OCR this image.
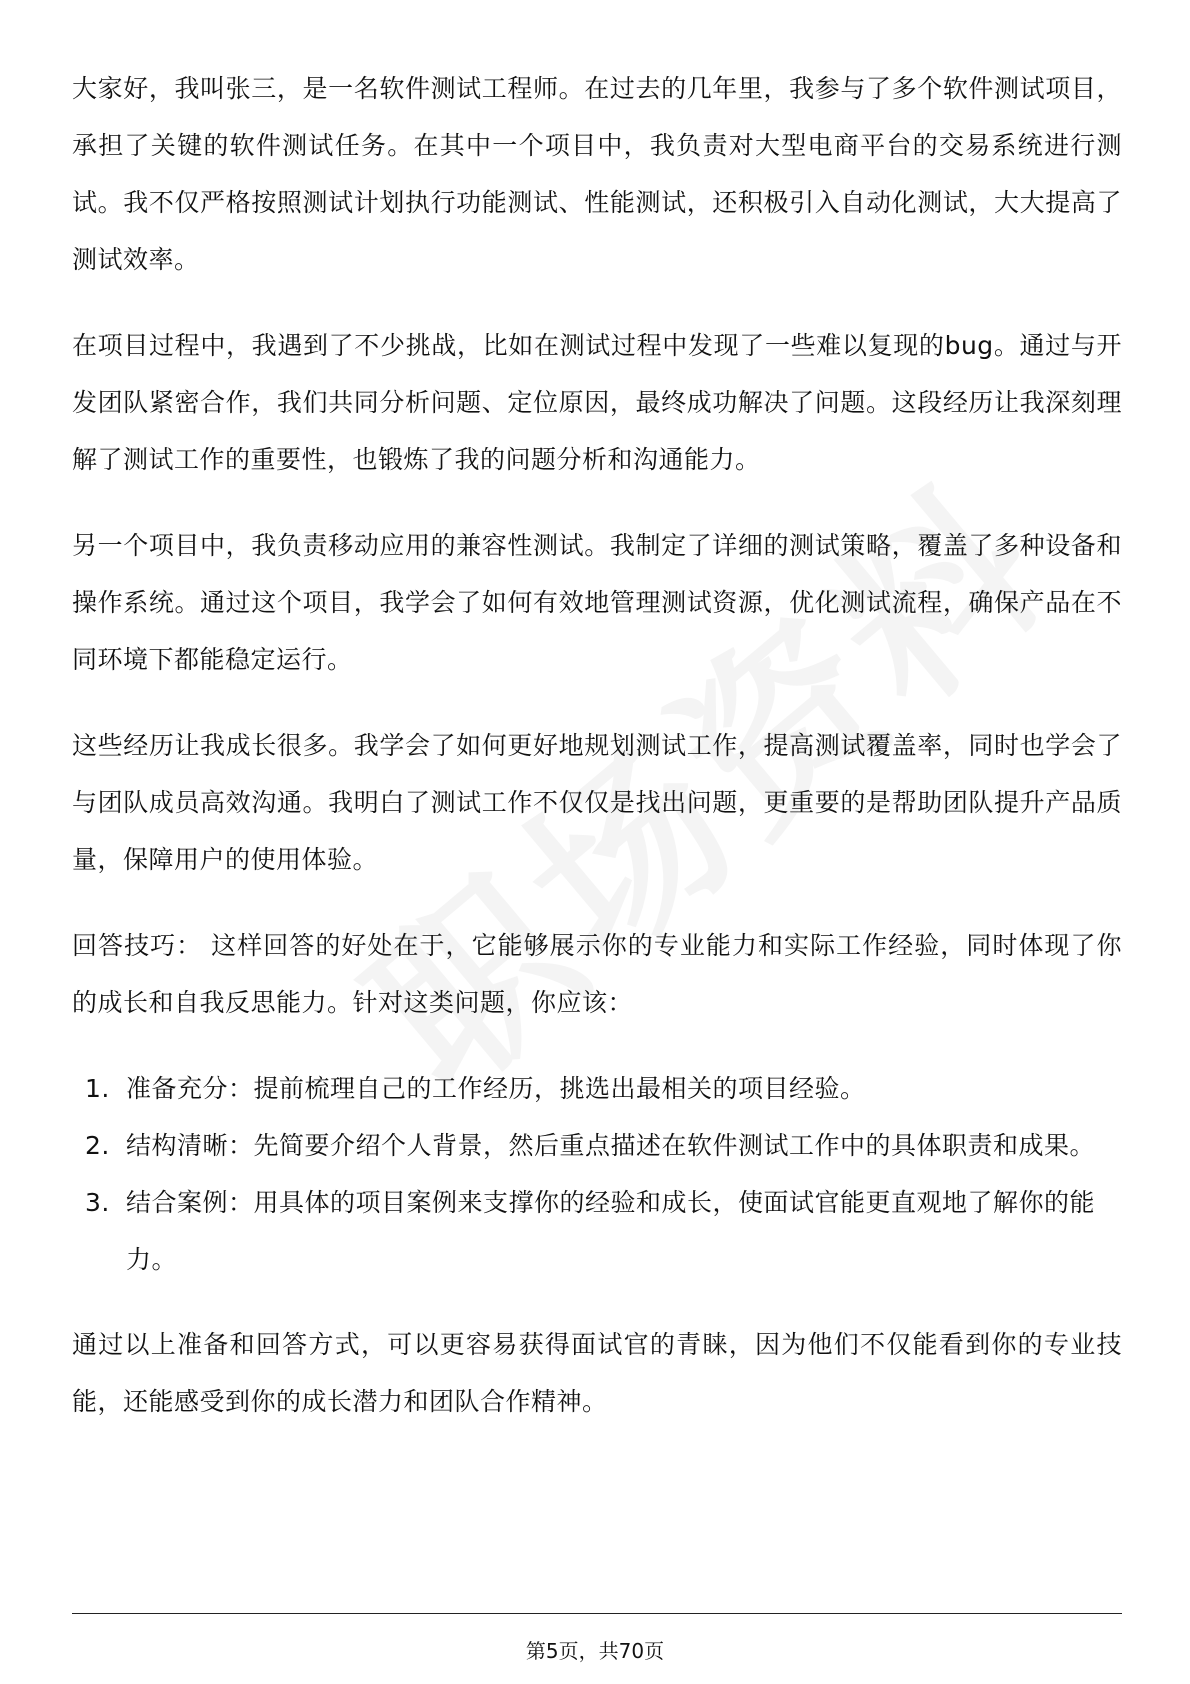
大家好，我叫张三，是一名软件测试工程师。在过去的几年里，我参与了多个软件测试项目，承担了关键的软件测试任务。在其中一个项目中，我负责对大型电商平台的交易系统进行测试。我不仅严格按照测试计划执行功能测试、性能测试，还积极引入自动化测试，大大提高了测试效率。

在项目过程中，我遇到了不少挑战，比如在测试过程中发现了一些难以复现的bug。通过与开发团队紧密合作，我们共同分析问题、定位原因，最终成功解决了问题。这段经历让我深刻理解了测试工作的重要性，也锻炼了我的问题分析和沟通能力。

另一个项目中，我负责移动应用的兼容性测试。我制定了详细的测试策略，覆盖了多种设备和操作系统。通过这个项目，我学会了如何有效地管理测试资源，优化测试流程，确保产品在不同环境下都能稳定运行。

这些经历让我成长很多。我学会了如何更好地规划测试工作，提高测试覆盖率，同时也学会了与团队成员高效沟通。我明白了测试工作不仅仅是找出问题，更重要的是帮助团队提升产品质量，保障用户的使用体验。

回答技巧： 这样回答的好处在于，它能够展示你的专业能力和实际工作经验，同时体现了你的成长和自我反思能力。针对这类问题，你应该：

1. 准备充分：提前梳理自己的工作经历，挑选出最相关的项目经验。
2. 结构清晰：先简要介绍个人背景，然后重点描述在软件测试工作中的具体职责和成果。
3. 结合案例：用具体的项目案例来支撑你的经验和成长，使面试官能更直观地了解你的能力。

通过以上准备和回答方式，可以更容易获得面试官的青睐，因为他们不仅能看到你的专业技能，还能感受到你的成长潜力和团队合作精神。

第5页，共70页
